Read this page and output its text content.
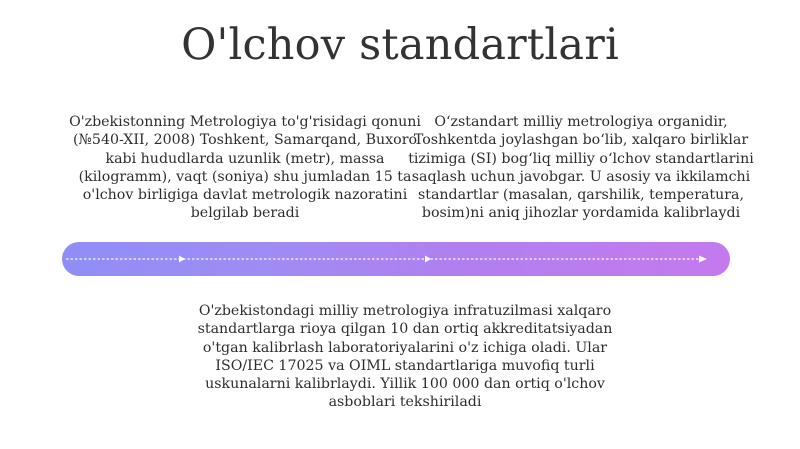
O'lchov standartlari
O'zbekistonning Metrologiya to'g'risidagi qonuni (№540-XII, 2008) Toshkent, Samarqand, Buxoro kabi hududlarda uzunlik (metr), massa (kilogramm), vaqt (soniya) shu jumladan 15 ta o'lchov birligiga davlat metrologik nazoratini belgilab beradi
O‘zstandart milliy metrologiya organidir, Toshkentda joylashgan bo‘lib, xalqaro birliklar tizimiga (SI) bog‘liq milliy o‘lchov standartlarini saqlash uchun javobgar. U asosiy va ikkilamchi standartlar (masalan, qarshilik, temperatura, bosim)ni aniq jihozlar yordamida kalibrlaydi
O'zbekistondagi milliy metrologiya infratuzilmasi xalqaro standartlarga rioya qilgan 10 dan ortiq akkreditatsiyadan o'tgan kalibrlash laboratoriyalarini o'z ichiga oladi. Ular ISO/IEC 17025 va OIML standartlariga muvofiq turli uskunalarni kalibrlaydi. Yillik 100 000 dan ortiq o'lchov asboblari tekshiriladi
